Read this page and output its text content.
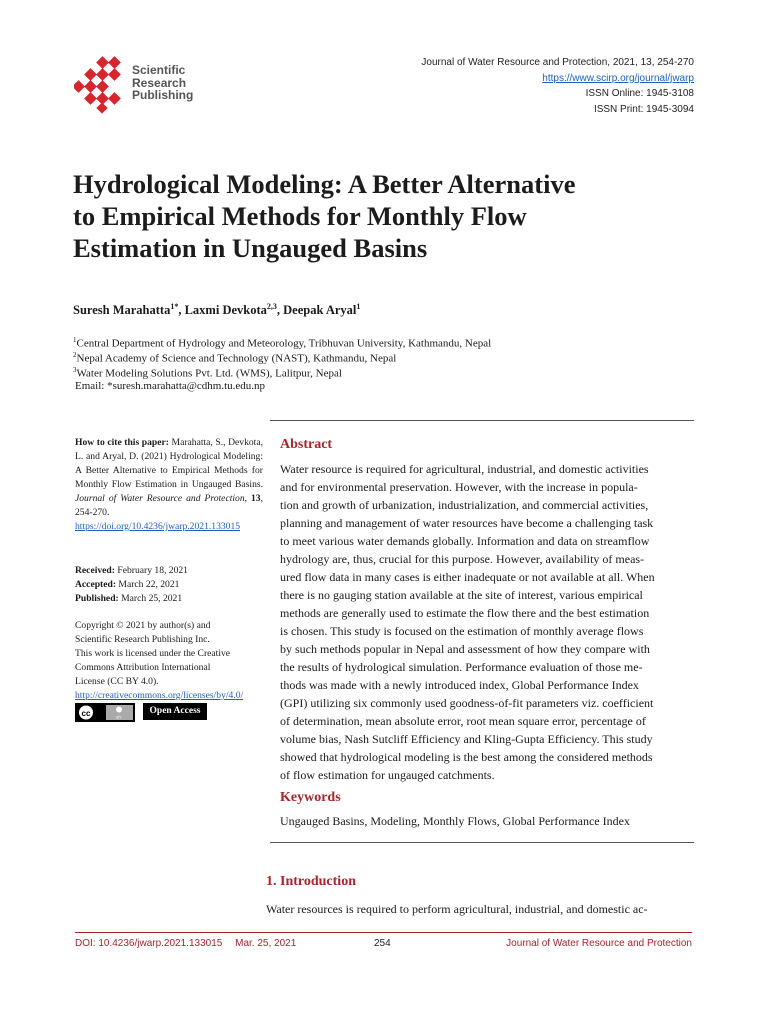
Scientific
Research
Publishing
Journal of Water Resource and Protection, 2021, 13, 254-270
https://www.scirp.org/journal/jwarp
ISSN Online: 1945-3108
ISSN Print: 1945-3094
Hydrological Modeling: A Better Alternative
to Empirical Methods for Monthly Flow
Estimation in Ungauged Basins
Suresh Marahatta$^{1*}$, Laxmi Devkota$^{2,3}$, Deepak Aryal$^1$
$^1$Central Department of Hydrology and Meteorology, Tribhuvan University, Kathmandu, Nepal
$^2$Nepal Academy of Science and Technology (NAST), Kathmandu, Nepal
$^3$Water Modeling Solutions Pvt. Ltd. (WMS), Lalitpur, Nepal
Email: *suresh.marahatta@cdhm.tu.edu.np
How to cite this paper: Marahatta, S., Devkota, L. and Aryal, D. (2021) Hydrological Modeling: A Better Alternative to Empirical Methods for Monthly Flow Estimation in Ungauged Basins. Journal of Water Resource and Protection, 13, 254-270.
https://doi.org/10.4236/jwarp.2021.133015
Received: February 18, 2021
Accepted: March 22, 2021
Published: March 25, 2021
Copyright © 2021 by author(s) and
Scientific Research Publishing Inc.
This work is licensed under the Creative
Commons Attribution International
License (CC BY 4.0).
http://creativecommons.org/licenses/by/4.0/
cc	BY
Open Access
Abstract
Water resource is required for agricultural, industrial, and domestic activities
and for environmental preservation. However, with the increase in popula-
tion and growth of urbanization, industrialization, and commercial activities,
planning and management of water resources have become a challenging task
to meet various water demands globally. Information and data on streamflow
hydrology are, thus, crucial for this purpose. However, availability of meas-
ured flow data in many cases is either inadequate or not available at all. When
there is no gauging station available at the site of interest, various empirical
methods are generally used to estimate the flow there and the best estimation
is chosen. This study is focused on the estimation of monthly average flows
by such methods popular in Nepal and assessment of how they compare with
the results of hydrological simulation. Performance evaluation of those me-
thods was made with a newly introduced index, Global Performance Index
(GPI) utilizing six commonly used goodness-of-fit parameters viz. coefficient
of determination, mean absolute error, root mean square error, percentage of
volume bias, Nash Sutcliff Efficiency and Kling-Gupta Efficiency. This study
showed that hydrological modeling is the best among the considered methods
of flow estimation for ungauged catchments.
Keywords
Ungauged Basins, Modeling, Monthly Flows, Global Performance Index
1. Introduction
Water resources is required to perform agricultural, industrial, and domestic ac-
DOI: 10.4236/jwarp.2021.133015 Mar. 25, 2021	254	Journal of Water Resource and Protection
